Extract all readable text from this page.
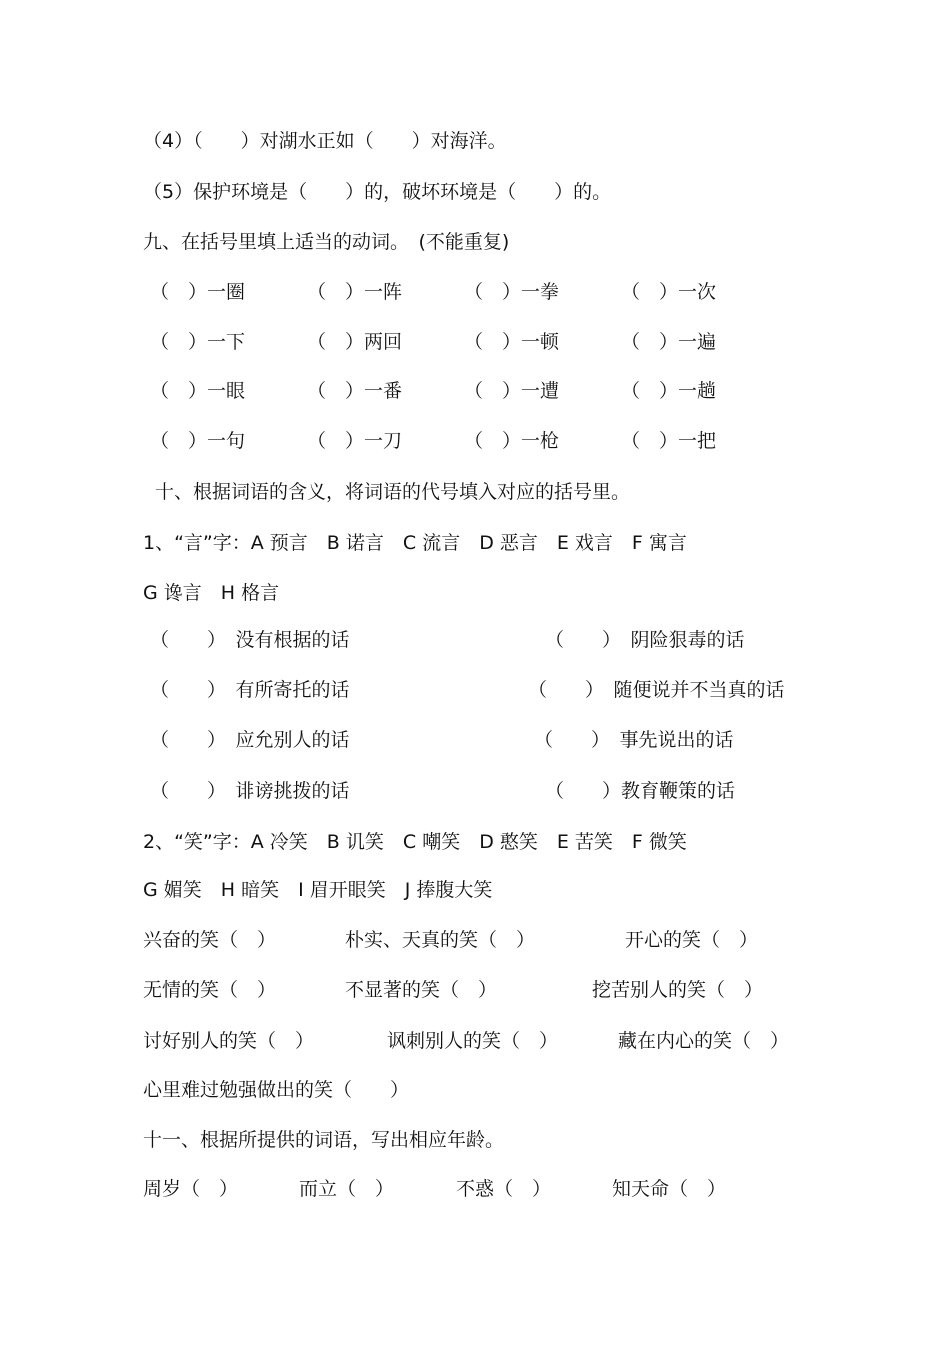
（4）（　　）对湖水正如（　　）对海洋。
（5）保护环境是（　　）的，破坏环境是（　　）的。
九、在括号里填上适当的动词。　(不能重复)
（　）一圈	（　）一阵	（　）一拳	（　）一次
（　）一下	（　）两回	（　）一顿	（　）一遍
（　）一眼	（　）一番	（　）一遭	（　）一趟
（　）一句	（　）一刀	（　）一枪	（　）一把
十、根据词语的含义，将词语的代号填入对应的括号里。
1、“言”字：A 预言　B 诺言　C 流言　D 恶言　E 戏言　F 寓言
G 谗言　H 格言
（　　）　没有根据的话	（　　）　阴险狠毒的话
（　　）　有所寄托的话	（　　）　随便说并不当真的话
（　　）　应允别人的话	（　　）　事先说出的话
（　　）　诽谤挑拨的话	（　　）教育鞭策的话
2、“笑”字：A 冷笑　B 讥笑　C 嘲笑　D 憨笑　E 苦笑　F 微笑
G 媚笑　H 暗笑　I 眉开眼笑　J 捧腹大笑
兴奋的笑（　）	朴实、天真的笑（　）	开心的笑（　）
无情的笑（　）	不显著的笑（　）	挖苦别人的笑（　）
讨好别人的笑（　）	讽刺别人的笑（　）	藏在内心的笑（　）
心里难过勉强做出的笑（　　）
十一、根据所提供的词语，写出相应年龄。
周岁（　）	而立（　）	不惑（　）	知天命（　）
